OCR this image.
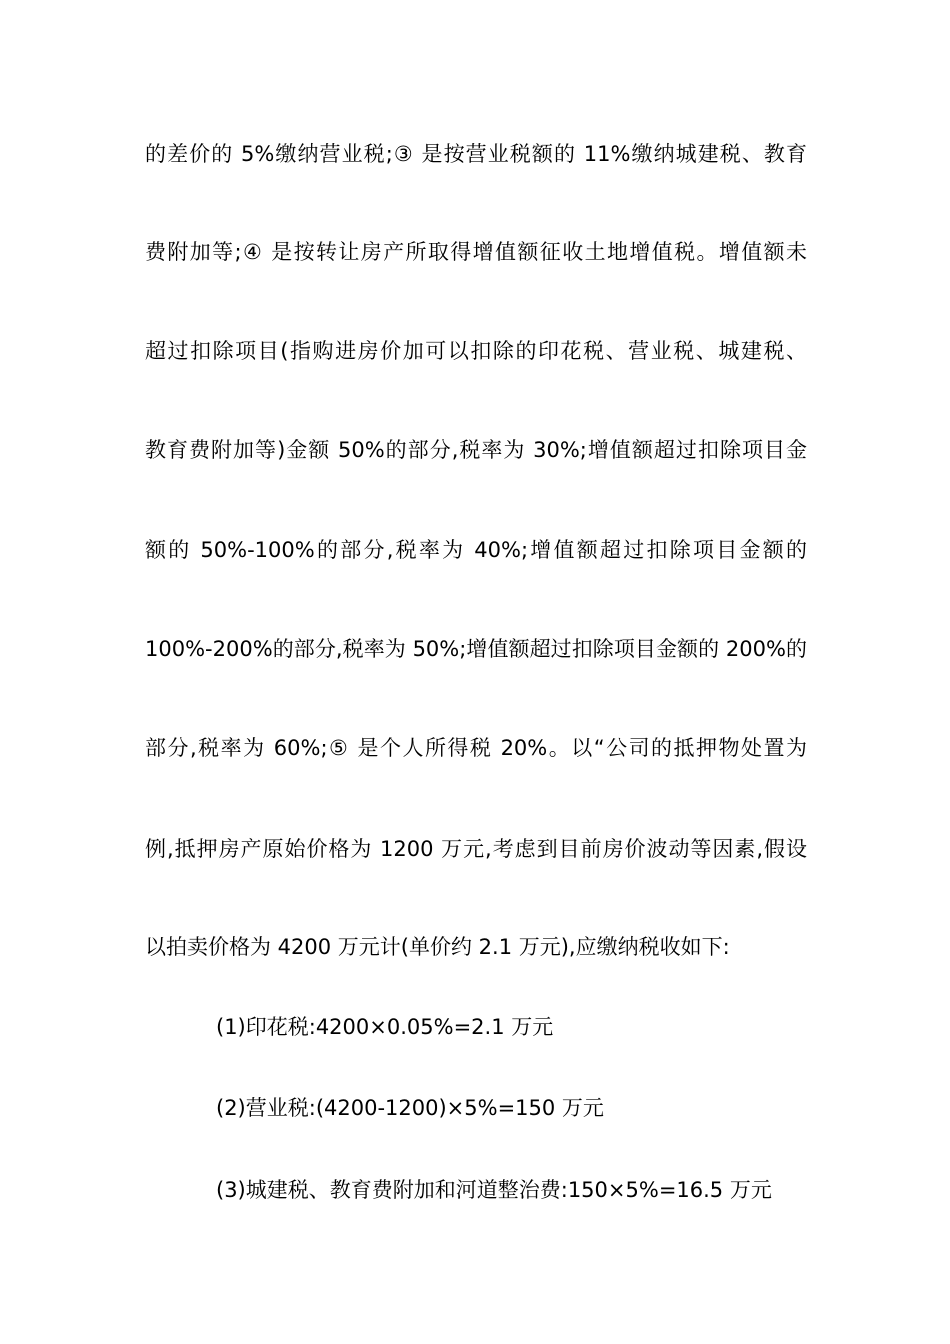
的差价的 5%缴纳营业税;③ 是按营业税额的 11%缴纳城建税、教育
费附加等;④ 是按转让房产所取得增值额征收土地增值税。增值额未
超过扣除项目(指购进房价加可以扣除的印花税、营业税、城建税、
教育费附加等)金额 50%的部分,税率为 30%;增值额超过扣除项目金
额的 50%-100%的部分,税率为 40%;增值额超过扣除项目金额的
100%-200%的部分,税率为 50%;增值额超过扣除项目金额的 200%的
部分,税率为 60%;⑤ 是个人所得税 20%。以“公司的抵押物处置为
例,抵押房产原始价格为 1200 万元,考虑到目前房价波动等因素,假设
以拍卖价格为 4200 万元计(单价约 2.1 万元),应缴纳税收如下:
(1)印花税:4200×0.05%=2.1 万元
(2)营业税:(4200-1200)×5%=150 万元
(3)城建税、教育费附加和河道整治费:150×5%=16.5 万元
